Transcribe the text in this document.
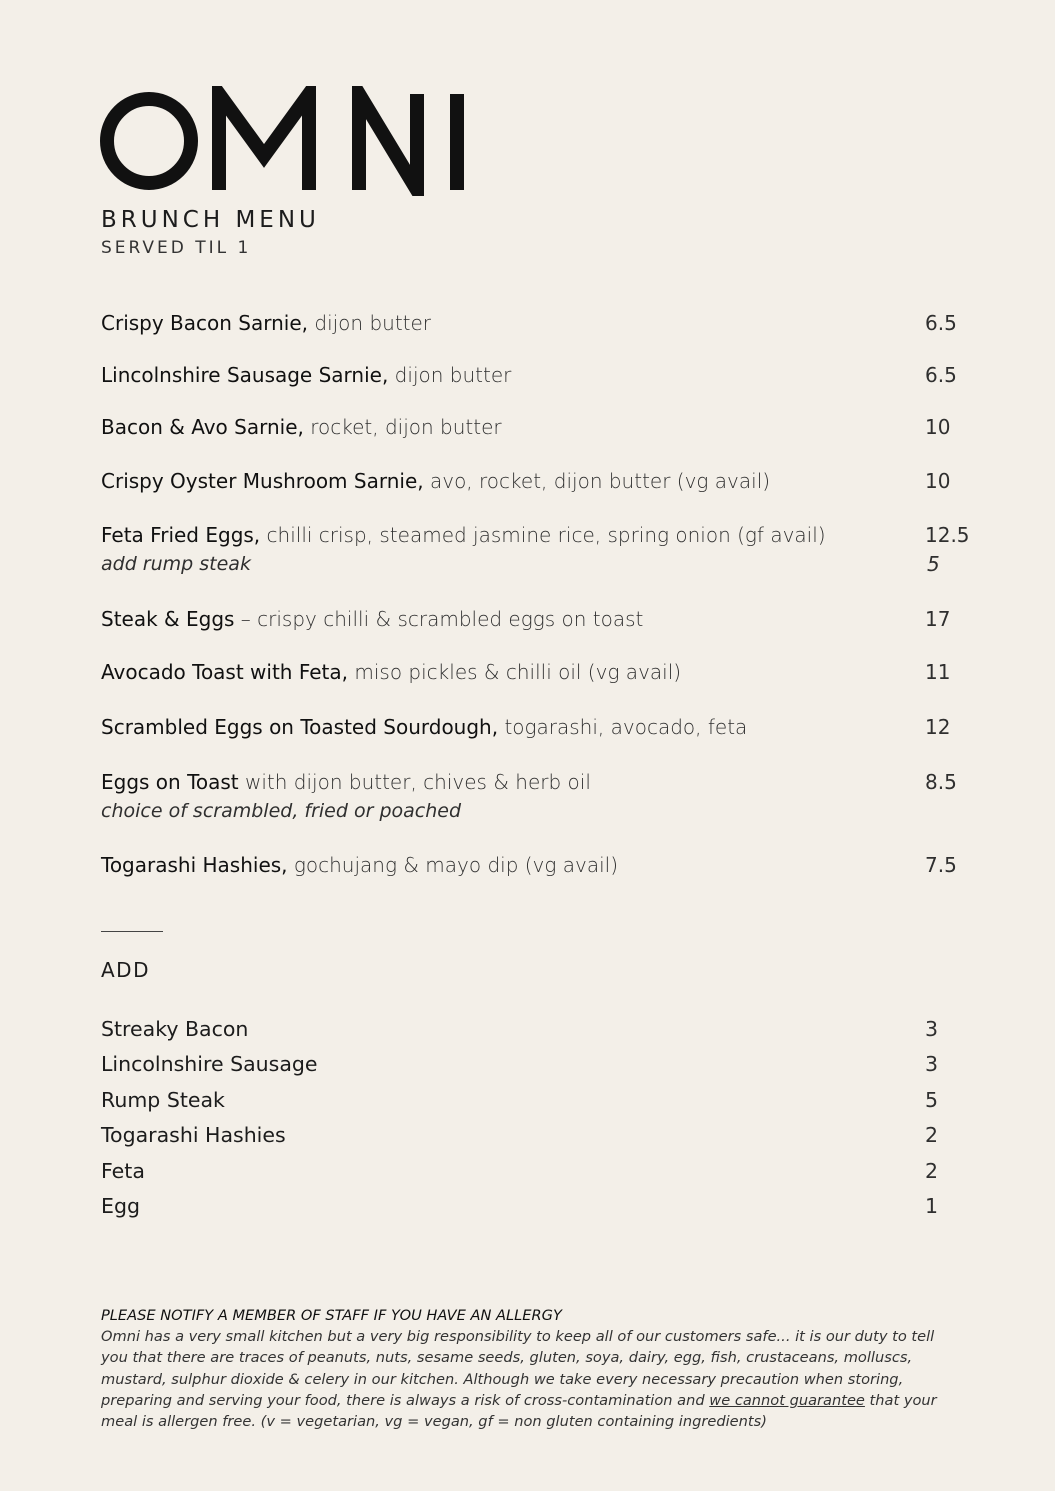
BRUNCH MENU
SERVED TIL 1
Crispy Bacon Sarnie, dijon butter	6.5
Lincolnshire Sausage Sarnie, dijon butter	6.5
Bacon & Avo Sarnie, rocket, dijon butter	10
Crispy Oyster Mushroom Sarnie, avo, rocket, dijon butter (vg avail)	10
Feta Fried Eggs, chilli crisp, steamed jasmine rice, spring onion (gf avail)	12.5
add rump steak	5
Steak & Eggs – crispy chilli & scrambled eggs on toast	17
Avocado Toast with Feta, miso pickles & chilli oil (vg avail)	11
Scrambled Eggs on Toasted Sourdough, togarashi, avocado, feta	12
Eggs on Toast with dijon butter, chives & herb oil	8.5
choice of scrambled, fried or poached
Togarashi Hashies, gochujang & mayo dip (vg avail)	7.5
ADD
Streaky Bacon	3
Lincolnshire Sausage	3
Rump Steak	5
Togarashi Hashies	2
Feta	2
Egg	1
PLEASE NOTIFY A MEMBER OF STAFF IF YOU HAVE AN ALLERGY
Omni has a very small kitchen but a very big responsibility to keep all of our customers safe... it is our duty to tell you that there are traces of peanuts, nuts, sesame seeds, gluten, soya, dairy, egg, fish, crustaceans, molluscs, mustard, sulphur dioxide & celery in our kitchen. Although we take every necessary precaution when storing, preparing and serving your food, there is always a risk of cross-contamination and we cannot guarantee that your meal is allergen free. (v = vegetarian, vg = vegan, gf = non gluten containing ingredients)
